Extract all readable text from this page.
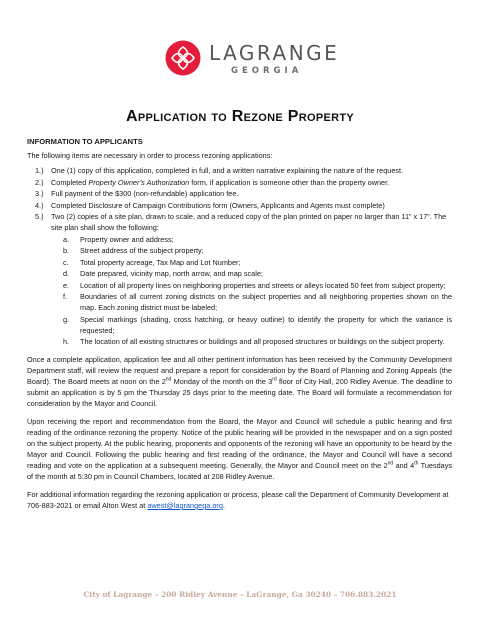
LAGRANGE
GEORGIA
Application to Rezone Property
INFORMATION TO APPLICANTS
The following items are necessary in order to process rezoning applications:
1.) One (1) copy of this application, completed in full, and a written narrative explaining the nature of the request.
2.) Completed Property Owner’s Authorization form, if application is someone other than the property owner.
3.) Full payment of the $300 (non-refundable) application fee.
4.) Completed Disclosure of Campaign Contributions form (Owners, Applicants and Agents must complete)
5.) Two (2) copies of a site plan, drawn to scale, and a reduced copy of the plan printed on paper no larger than 11” x 17”. The site plan shall show the following:
a. Property owner and address;
b. Street address of the subject property;
c. Total property acreage, Tax Map and Lot Number;
d. Date prepared, vicinity map, north arrow, and map scale;
e. Location of all property lines on neighboring properties and streets or alleys located 50 feet from subject property;
f. Boundaries of all current zoning districts on the subject properties and all neighboring properties shown on the map. Each zoning district must be labeled;
g. Special markings (shading, cross hatching, or heavy outline) to identify the property for which the variance is requested;
h. The location of all existing structures or buildings and all proposed structures or buildings on the subject property.

Once a complete application, application fee and all other pertinent information has been received by the Community Development Department staff, will review the request and prepare a report for consideration by the Board of Planning and Zoning Appeals (the Board). The Board meets at noon on the 2nd Monday of the month on the 3rd floor of City Hall, 200 Ridley Avenue. The deadline to submit an application is by 5 pm the Thursday 25 days prior to the meeting date. The Board will formulate a recommendation for consideration by the Mayor and Council.

Upon receiving the report and recommendation from the Board, the Mayor and Council will schedule a public hearing and first reading of the ordinance rezoning the property. Notice of the public hearing will be provided in the newspaper and on a sign posted on the subject property. At the public hearing, proponents and opponents of the rezoning will have an opportunity to be heard by the Mayor and Council. Following the public hearing and first reading of the ordinance, the Mayor and Council will have a second reading and vote on the application at a subsequent meeting. Generally, the Mayor and Council meet on the 2nd and 4th Tuesdays of the month at 5:30 pm in Council Chambers, located at 208 Ridley Avenue.

For additional information regarding the rezoning application or process, please call the Department of Community Development at 706-883-2021 or email Alton West at awest@lagrangega.org.

City of Lagrange – 200 Ridley Avenue – LaGrange, Ga 30240 – 706.883.2021
